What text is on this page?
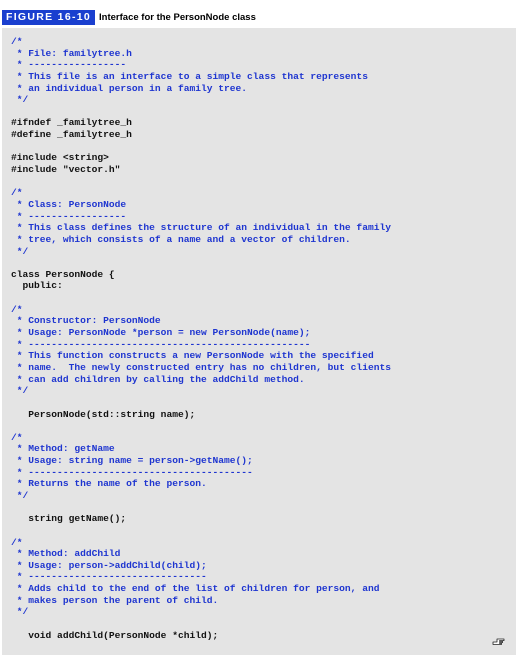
FIGURE 16-10 Interface for the PersonNode class
/*
* File: familytree.h
* -----------------
* This file is an interface to a simple class that represents
* an individual person in a family tree.
*/
#ifndef _familytree_h
#define _familytree_h
#include <string>
#include "vector.h"
/*
* Class: PersonNode
* -----------------
* This class defines the structure of an individual in the family
* tree, which consists of a name and a vector of children.
*/
class PersonNode {
public:
/*
* Constructor: PersonNode
* Usage: PersonNode *person = new PersonNode(name);
* -------------------------------------------------
* This function constructs a new PersonNode with the specified
* name.  The newly constructed entry has no children, but clients
* can add children by calling the addChild method.
*/
PersonNode(std::string name);
/*
* Method: getName
* Usage: string name = person->getName();
* ---------------------------------------
* Returns the name of the person.
*/
string getName();
/*
* Method: addChild
* Usage: person->addChild(child);
* -------------------------------
* Adds child to the end of the list of children for person, and
* makes person the parent of child.
*/
void addChild(PersonNode *child);
